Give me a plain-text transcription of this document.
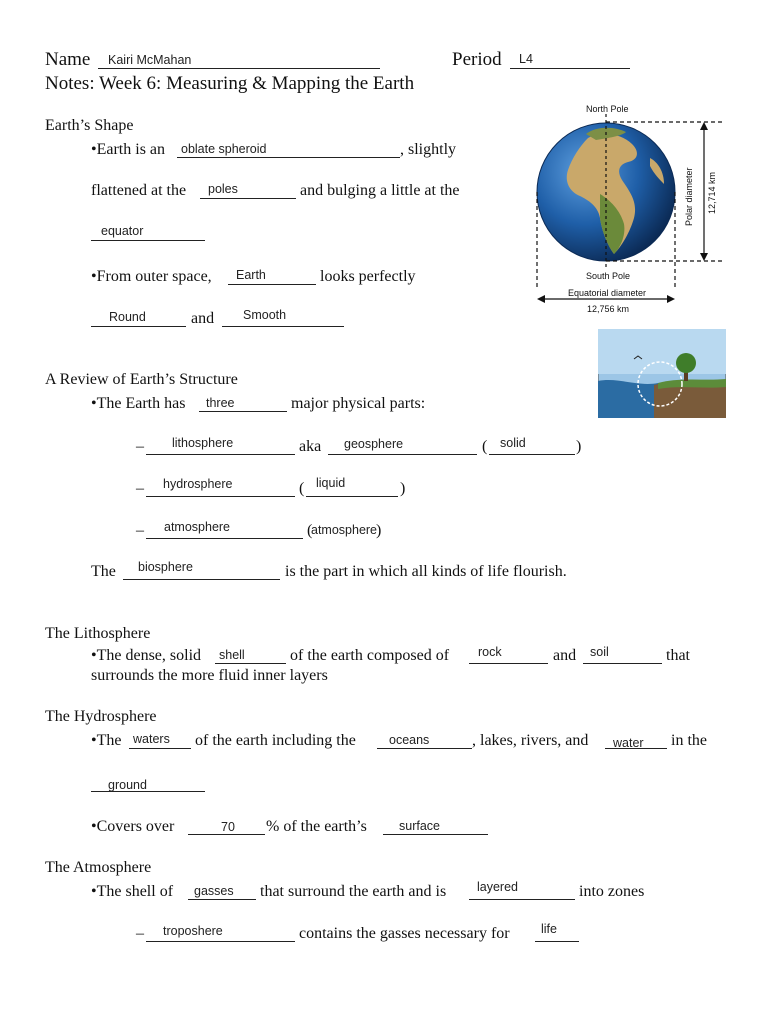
Name Kairi McMahan	Period L4
Notes: Week 6: Measuring & Mapping the Earth
Earth’s Shape
•Earth is an oblate spheroid	, slightly
flattened at the poles	and bulging a little at the
equator
•From outer space, Earth	looks perfectly
Round	and Smooth
North Pole
South Pole
Polar diameter 12,714 km
Equatorial diameter
12,756 km
A Review of Earth’s Structure
•The Earth has three	major physical parts:
– lithosphere	aka geosphere	( solid	)
– hydrosphere	( liquid	)
– atmosphere	(
atmosphere
)
The biosphere	is the part in which all kinds of life flourish.
The Lithosphere
•The dense, solid shell	of the earth composed of rock	and soil	that
surrounds the more fluid inner layers
The Hydrosphere
•The waters of the earth including the	oceans	, lakes, rivers, and water in the
ground
•Covers over	70 % of the earth’s	surface
The Atmosphere
•The shell of gasses that surround the earth and is layered	into zones
– troposhere	contains the gasses necessary for	life
